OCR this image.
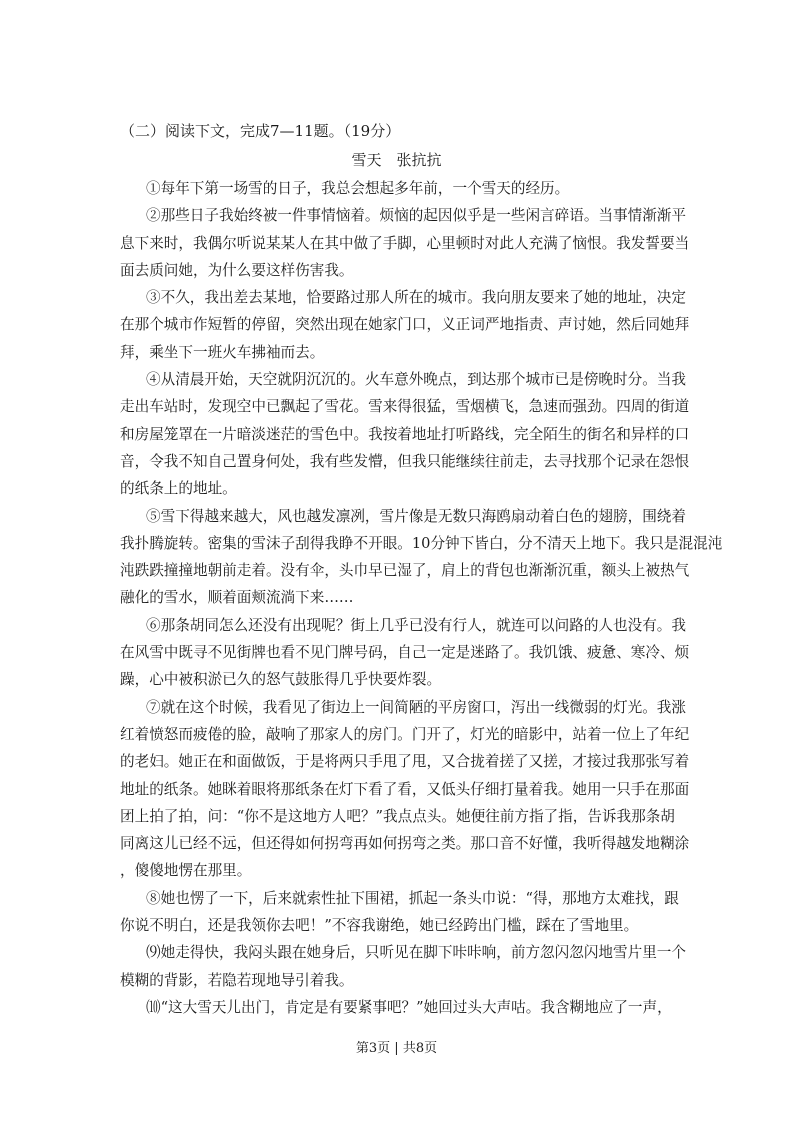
（二）阅读下文，完成7—11题。（19分）
雪天　张抗抗
①每年下第一场雪的日子，我总会想起多年前，一个雪天的经历。
②那些日子我始终被一件事情恼着。烦恼的起因似乎是一些闲言碎语。当事情渐渐平
息下来时，我偶尔听说某某人在其中做了手脚，心里顿时对此人充满了恼恨。我发誓要当
面去质问她，为什么要这样伤害我。
③不久，我出差去某地，恰要路过那人所在的城市。我向朋友要来了她的地址，决定
在那个城市作短暂的停留，突然出现在她家门口，义正词严地指责、声讨她，然后同她拜
拜，乘坐下一班火车拂袖而去。
④从清晨开始，天空就阴沉沉的。火车意外晚点，到达那个城市已是傍晚时分。当我
走出车站时，发现空中已飘起了雪花。雪来得很猛，雪烟横飞，急速而强劲。四周的街道
和房屋笼罩在一片暗淡迷茫的雪色中。我按着地址打听路线，完全陌生的街名和异样的口
音，令我不知自己置身何处，我有些发懵，但我只能继续往前走，去寻找那个记录在怨恨
的纸条上的地址。
⑤雪下得越来越大，风也越发凛冽，雪片像是无数只海鸥扇动着白色的翅膀，围绕着
我扑腾旋转。密集的雪沫子刮得我睁不开眼。10分钟下皆白，分不清天上地下。我只是混混沌
沌跌跌撞撞地朝前走着。没有伞，头巾早已湿了，肩上的背包也渐渐沉重，额头上被热气
融化的雪水，顺着面颊流淌下来……
⑥那条胡同怎么还没有出现呢？街上几乎已没有行人，就连可以问路的人也没有。我
在风雪中既寻不见街牌也看不见门牌号码，自己一定是迷路了。我饥饿、疲惫、寒冷、烦
躁，心中被积淤已久的怒气鼓胀得几乎快要炸裂。
⑦就在这个时候，我看见了街边上一间简陋的平房窗口，泻出一线微弱的灯光。我涨
红着愤怒而疲倦的脸，敲响了那家人的房门。门开了，灯光的暗影中，站着一位上了年纪
的老妇。她正在和面做饭，于是将两只手甩了甩，又合拢着搓了又搓，才接过我那张写着
地址的纸条。她眯着眼将那纸条在灯下看了看，又低头仔细打量着我。她用一只手在那面
团上拍了拍，问：“你不是这地方人吧？”我点点头。她便往前方指了指，告诉我那条胡
同离这儿已经不远，但还得如何拐弯再如何拐弯之类。那口音不好懂，我听得越发地糊涂
，傻傻地愣在那里。
⑧她也愣了一下，后来就索性扯下围裙，抓起一条头巾说：“得，那地方太难找，跟
你说不明白，还是我领你去吧！”不容我谢绝，她已经跨出门槛，踩在了雪地里。
⑼她走得快，我闷头跟在她身后，只听见在脚下咔咔响，前方忽闪忽闪地雪片里一个
模糊的背影，若隐若现地导引着我。
⑽“这大雪天儿出门，肯定是有要紧事吧？”她回过头大声咕。我含糊地应了一声，
第3页 | 共8页
